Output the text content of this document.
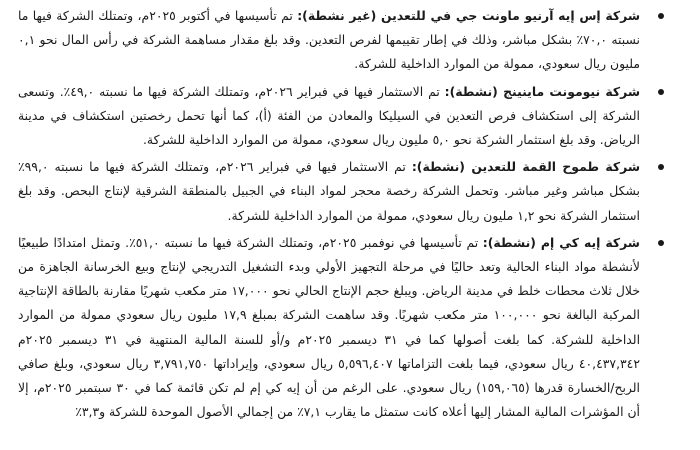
شركة إس إيه آرنيو ماونت جي في للتعدين (غير نشطة): تم تأسيسها في أكتوبر ٢٠٢٥م، وتمتلك الشركة فيها ما نسبته ٧٠,٠٪ بشكل مباشر، وذلك في إطار تقييمها لفرص التعدين. وقد بلغ مقدار مساهمة الشركة في رأس المال نحو ٠,١ مليون ريال سعودي، ممولة من الموارد الداخلية للشركة.
شركة نيومونت ماينينج (نشطة): تم الاستثمار فيها في فبراير ٢٠٢٦م، وتمتلك الشركة فيها ما نسبته ٤٩,٠٪. وتسعى الشركة إلى استكشاف فرص التعدين في السيليكا والمعادن من الفئة (أ)، كما أنها تحمل رخصتين استكشاف في مدينة الرياض. وقد بلغ استثمار الشركة نحو ٥,٠ مليون ريال سعودي، ممولة من الموارد الداخلية للشركة.
شركة طموح القمة للتعدين (نشطة): تم الاستثمار فيها في فبراير ٢٠٢٦م، وتمتلك الشركة فيها ما نسبته ٩٩,٠٪ بشكل مباشر وغير مباشر. وتحمل الشركة رخصة محجر لمواد البناء في الجبيل بالمنطقة الشرقية لإنتاج البحص. وقد بلغ استثمار الشركة نحو ١,٢ مليون ريال سعودي، ممولة من الموارد الداخلية للشركة.
شركة إيه كي إم (نشطة): تم تأسيسها في نوفمبر ٢٠٢٥م، وتمتلك الشركة فيها ما نسبته ٥١,٠٪. وتمثل امتدادًا طبيعيًا لأنشطة مواد البناء الحالية وتعد حاليًا في مرحلة التجهيز الأولي وبدء التشغيل التدريجي لإنتاج وبيع الخرسانة الجاهزة من خلال ثلاث محطات خلط في مدينة الرياض. ويبلغ حجم الإنتاج الحالي نحو ١٧,٠٠٠ متر مكعب شهريًا مقارنة بالطاقة الإنتاجية المركبة البالغة نحو ١٠٠,٠٠٠ متر مكعب شهريًا. وقد ساهمت الشركة بمبلغ ١٧,٩ مليون ريال سعودي ممولة من الموارد الداخلية للشركة. كما بلغت أصولها كما في ٣١ ديسمبر ٢٠٢٥م و/أو للسنة المالية المنتهية في ٣١ ديسمبر ٢٠٢٥م ٤٠,٤٣٧,٣٤٢ ريال سعودي، فيما بلغت التزاماتها ٥,٥٩٦,٤٠٧ ريال سعودي، وإيراداتها ٣,٧٩١,٧٥٠ ريال سعودي، وبلغ صافي الربح/الخسارة قدرها (١٥٩,٠٦٥) ريال سعودي. على الرغم من أن إيه كي إم لم تكن قائمة كما في ٣٠ سبتمبر ٢٠٢٥م، إلا أن المؤشرات المالية المشار إليها أعلاه كانت ستمثل ما يقارب ٧,١٪ من إجمالي الأصول الموحدة للشركة و٣,٣٪
